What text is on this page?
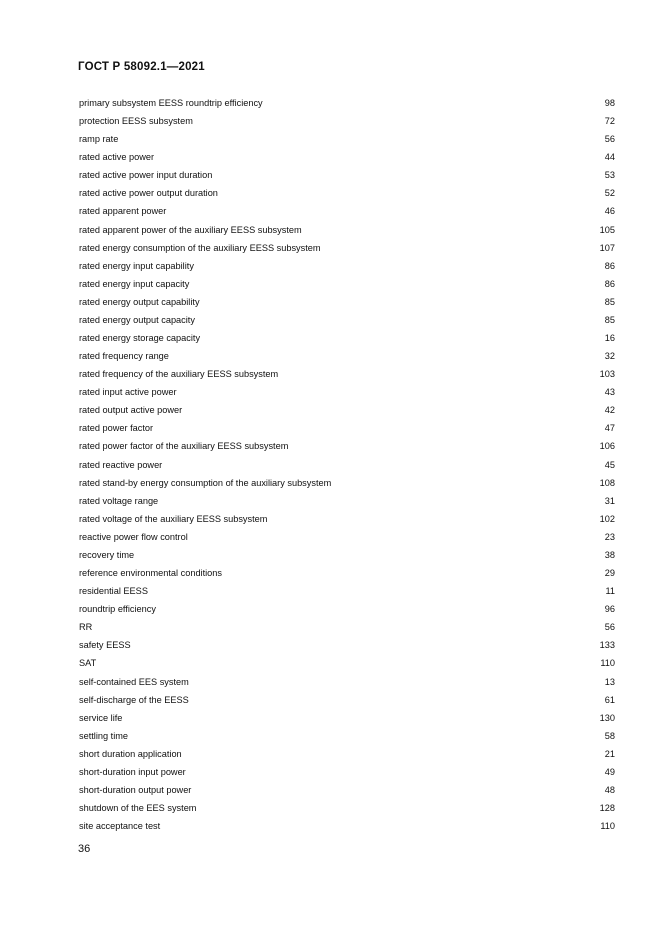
ГОСТ Р 58092.1—2021
primary subsystem EESS roundtrip efficiency	98
protection EESS subsystem	72
ramp rate	56
rated active power	44
rated active power input duration	53
rated active power output duration	52
rated apparent power	46
rated apparent power of the auxiliary EESS subsystem	105
rated energy consumption of the auxiliary EESS subsystem	107
rated energy input capability	86
rated energy input capacity	86
rated energy output capability	85
rated energy output capacity	85
rated energy storage capacity	16
rated frequency range	32
rated frequency of the auxiliary EESS subsystem	103
rated input active power	43
rated output active power	42
rated power factor	47
rated power factor of the auxiliary EESS subsystem	106
rated reactive power	45
rated stand-by energy consumption of the auxiliary subsystem	108
rated voltage range	31
rated voltage of the auxiliary EESS subsystem	102
reactive power flow control	23
recovery time	38
reference environmental conditions	29
residential EESS	11
roundtrip efficiency	96
RR	56
safety EESS	133
SAT	110
self-contained EES system	13
self-discharge of the EESS	61
service life	130
settling time	58
short duration application	21
short-duration input power	49
short-duration output power	48
shutdown of the EES system	128
site acceptance test	110
36
